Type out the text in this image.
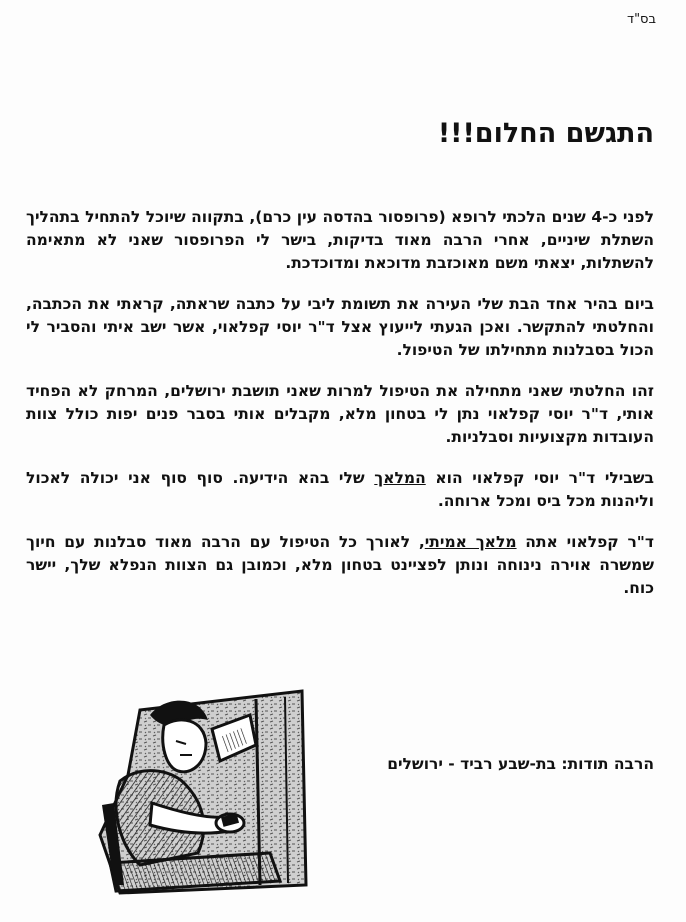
בס"ד
התגשם החלום!!!

לפני כ-4 שנים הלכתי לרופא (פרופסור בהדסה עין כרם), בתקווה שיוכל להתחיל בתהליך השתלת שיניים, אחרי הרבה מאוד בדיקות, בישר לי הפרופסור שאני לא מתאימה להשתלות, יצאתי משם מאוכזבת מדוכאת ומדוכדכת.

ביום בהיר אחד הבת שלי העירה את תשומת ליבי על כתבה שראתה, קראתי את הכתבה, והחלטתי להתקשר. ואכן הגעתי לייעוץ אצל ד"ר יוסי קפלאוי, אשר ישב איתי והסביר לי הכול בסבלנות מתחילתו של הטיפול.

זהו החלטתי שאני מתחילה את הטיפול למרות שאני תושבת ירושלים, המרחק לא הפחיד אותי, ד"ר יוסי קפלאוי נתן לי בטחון מלא, מקבלים אותי בסבר פנים יפות כולל צוות העובדות מקצועיות וסבלניות.

בשבילי ד"ר יוסי קפלאוי הוא המלאך שלי בהא הידיעה. סוף סוף אני יכולה לאכול וליהנות מכל ביס ומכל ארוחה.

ד"ר קפלאוי אתה מלאך אמיתי, לאורך כל הטיפול עם הרבה מאוד סבלנות עם חיוך שמשרה אוירה נינוחה ונותן לפציינט בטחון מלא, וכמובן גם הצוות הנפלא שלך, יישר כוח.

הרבה תודות: בת-שבע רביד - ירושלים
